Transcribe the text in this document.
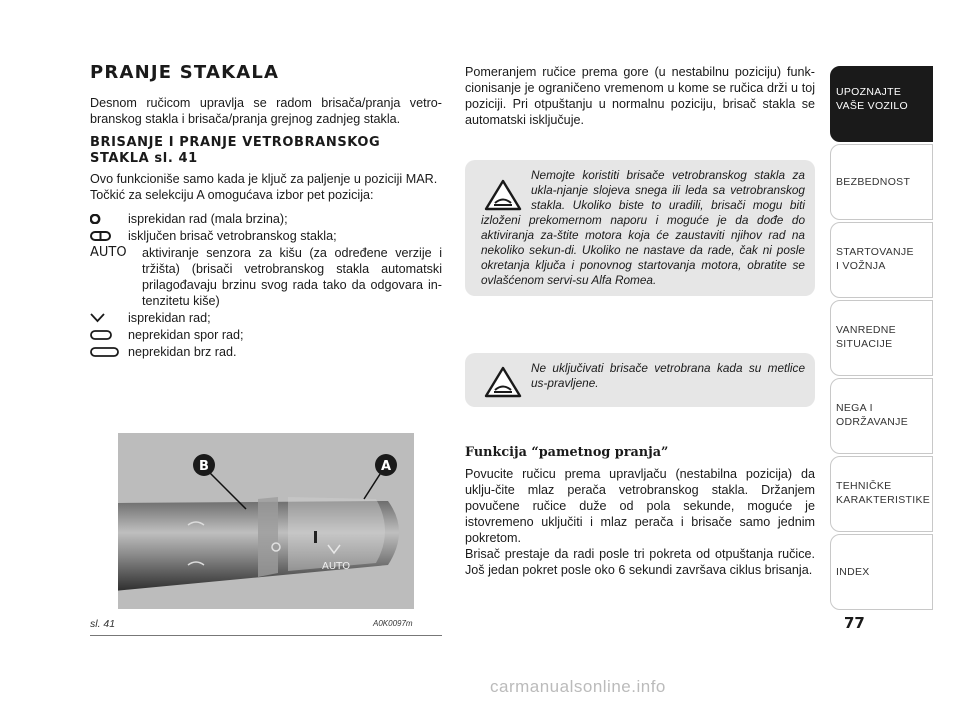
PRANJE STAKALA

Desnom ručicom upravlja se radom brisača/pranja vetro-branskog stakla i brisača/pranja grejnog zadnjeg stakla.

BRISANJE I PRANJE VETROBRANSKOG
STAKLA sl. 41

Ovo funkcioniše samo kada je ključ za paljenje u poziciji MAR. Točkić za selekciju A omogućava izbor pet pozicija:

isprekidan rad (mala brzina);
isključen brisač vetrobranskog stakla;
AUTO	aktiviranje senzora za kišu (za određene verzije i tržišta) (brisači vetrobranskog stakla automatski prilagođavaju brzinu svog rada tako da odgovara in-tenzitetu kiše)
isprekidan rad;
neprekidan spor rad;
neprekidan brz rad.
AUTO
B	A
sl. 41	A0K0097m

Pomeranjem ručice prema gore (u nestabilnu poziciju) funk-cionisanje je ograničeno vremenom u kome se ručica drži u toj poziciji. Pri otpuštanju u normalnu poziciju, brisač stakla se automatski isključuje.

Nemojte koristiti brisače vetrobranskog stakla za ukla-njanje slojeva snega ili leda sa vetrobranskog stakla. Ukoliko biste to uradili, brisači mogu biti izloženi prekomernom naporu i moguće je da dođe do aktiviranja za-štite motora koja će zaustaviti njihov rad na nekoliko sekun-di. Ukoliko ne nastave da rade, čak ni posle okretanja ključa i ponovnog startovanja motora, obratite se ovlašćenom servi-su Alfa Romea.
Ne uključivati brisače vetrobrana kada su metlice us-pravljene.
Funkcija “pametnog pranja”

Povucite ručicu prema upravljaču (nestabilna pozicija) da uklju-čite mlaz perača vetrobranskog stakla. Držanjem povučene ručice duže od pola sekunde, moguće je istovremeno uključiti i mlaz perača i brisače samo jednim pokretom.

Brisač prestaje da radi posle tri pokreta od otpuštanja ručice. Još jedan pokret posle oko 6 sekundi završava ciklus brisanja.

UPOZNAJTE
VAŠE VOZILO
BEZBEDNOST
STARTOVANJE
I VOŽNJA
VANREDNE
SITUACIJE
NEGA I
ODRŽAVANJE
TEHNIČKE
KARAKTERISTIKE
INDEX
77
carmanualsonline.info
